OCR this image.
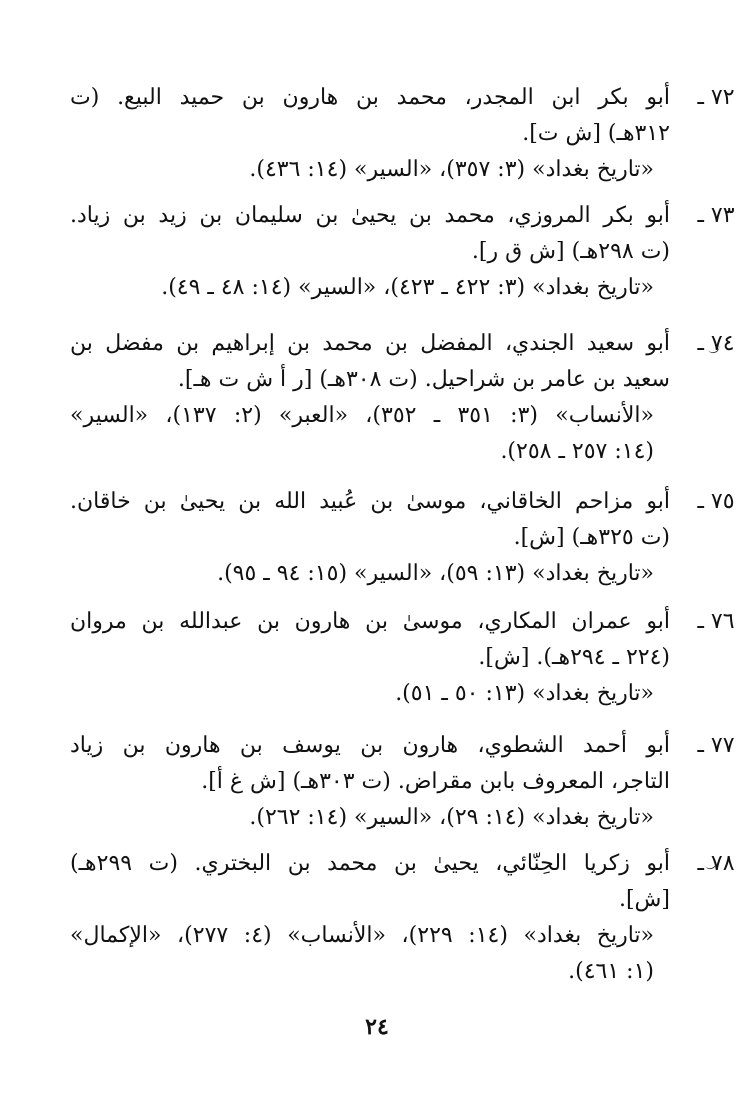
٧٢ ـ
أبو بكر ابن المجدر، محمد بن هارون بن حميد البيع. (ت
٣١٢هـ) [ش ت].
«تاريخ بغداد» (٣: ٣٥٧)، «السير» (١٤: ٤٣٦).
٧٣ ـ
أبو بكر المروزي، محمد بن يحيىٰ بن سليمان بن زيد بن زياد.
(ت ٢٩٨هـ) [ش ق ر].
«تاريخ بغداد» (٣: ٤٢٢ ـ ٤٢٣)، «السير» (١٤: ٤٨ ـ ٤٩).
٧٤ ـ
أبو سعيد الجندي، المفضل بن محمد بن إبراهيم بن مفضل بن
سعيد بن عامر بن شراحيل. (ت ٣٠٨هـ) [ر أ ش ت هـ].
«الأنساب» (٣: ٣٥١ ـ ٣٥٢)، «العبر» (٢: ١٣٧)، «السير»
(١٤: ٢٥٧ ـ ٢٥٨).
٧٥ ـ
أبو مزاحم الخاقاني، موسىٰ بن عُبيد الله بن يحيىٰ بن خاقان.
(ت ٣٢٥هـ) [ش].
«تاريخ بغداد» (١٣: ٥٩)، «السير» (١٥: ٩٤ ـ ٩٥).
٧٦ ـ
أبو عمران المكاري، موسىٰ بن هارون بن عبدالله بن مروان
(٢٢٤ ـ ٢٩٤هـ). [ش].
«تاريخ بغداد» (١٣: ٥٠ ـ ٥١).
٧٧ ـ
أبو أحمد الشطوي، هارون بن يوسف بن هارون بن زياد
التاجر، المعروف بابن مقراض. (ت ٣٠٣هـ) [ش غ أ].
«تاريخ بغداد» (١٤: ٢٩)، «السير» (١٤: ٢٦٢).
٧٨ ـ
أبو زكريا الحِنّائي، يحيىٰ بن محمد بن البختري. (ت ٢٩٩هـ)
[ش].
«تاريخ بغداد» (١٤: ٢٢٩)، «الأنساب» (٤: ٢٧٧)، «الإكمال»
(١: ٤٦١).
٢٤
